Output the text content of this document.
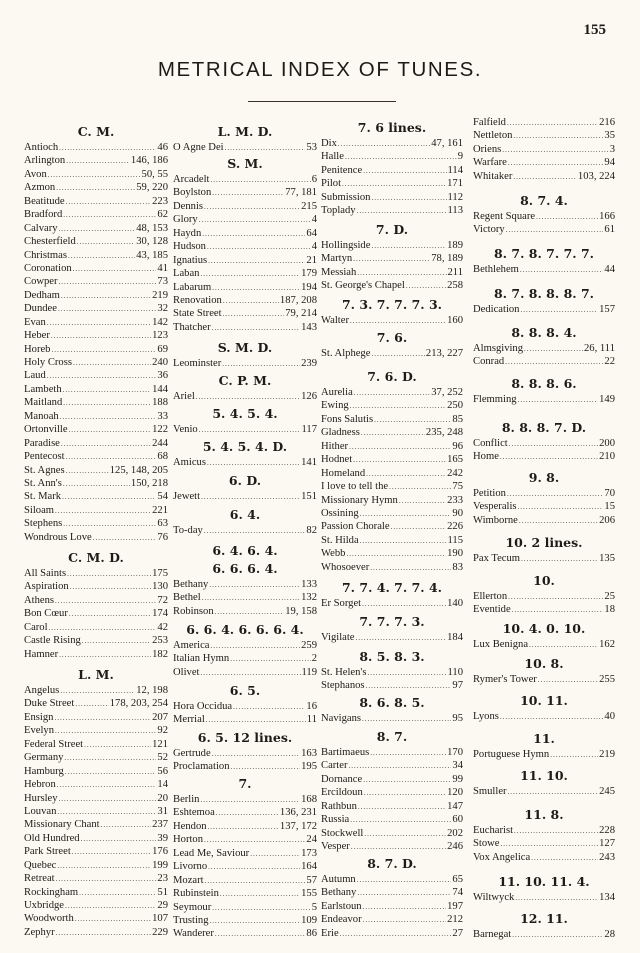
155
METRICAL INDEX OF TUNES.
C. M.
Antioch .....	46
Arlington .....	146, 186
Avon .....	50, 55
Azmon .....	59, 220
Beatitude .....	223
Bradford .....	62
Calvary .....	48, 153
Chesterfield .....	30, 128
Christmas .....	43, 185
Coronation .....	41
Cowper .....	73
Dedham .....	219
Dundee .....	32
Evan .....	142
Heber .....	123
Horeb .....	69
Holy Cross .....	240
Laud .....	36
Lambeth .....	144
Maitland .....	188
Manoah .....	33
Ortonville .....	122
Paradise .....	244
Pentecost .....	68
St. Agnes .....	125, 148, 205
St. Ann's .....	150, 218
St. Mark .....	54
Siloam .....	221
Stephens .....	63
Wondrous Love .....	76
C. M. D.
All Saints .....	175
Aspiration .....	130
Athens .....	72
Bon Cœur .....	174
Carol .....	42
Castle Rising .....	253
Hamner .....	182
L. M.
Angelus .....	12, 198
Duke Street .....	178, 203, 254
Ensign .....	207
Evelyn .....	92
Federal Street .....	121
Germany .....	52
Hamburg .....	56
Hebron .....	14
Hursley .....	20
Louvan .....	31
Missionary Chant .....	237
Old Hundred .....	39
Park Street .....	176
Quebec .....	199
Retreat .....	23
Rockingham .....	51
Uxbridge .....	29
Woodworth .....	107
Zephyr .....	229
L. M. D.
O Agne Dei .....	53
S. M.
Arcadelt .....	6
Boylston .....	77, 181
Dennis .....	215
Glory .....	4
Haydn .....	64
Hudson .....	4
Ignatius .....	21
Laban .....	179
Labarum .....	194
Renovation .....	187, 208
State Street .....	79, 214
Thatcher .....	143
S. M. D.
Leominster .....	239
C. P. M.
Ariel .....	126
5. 4. 5. 4.
Venio .....	117
5. 4. 5. 4. D.
Amicus .....	141
6. D.
Jewett .....	151
6. 4.
To-day .....	82
6. 4. 6. 4.
6. 6. 6. 4.
Bethany .....	133
Bethel .....	132
Robinson .....	19, 158
6. 6. 4. 6. 6. 6. 4.
America .....	259
Italian Hymn .....	2
Olivet .....	119
6. 5.
Hora Occidua .....	16
Merrial .....	11
6. 5. 12 lines.
Gertrude .....	163
Proclamation .....	195
7.
Berlin .....	168
Eshtemoa .....	136, 231
Hendon .....	137, 172
Horton .....	24
Lead Me, Saviour .....	173
Livorno .....	164
Mozart .....	57
Rubinstein .....	155
Seymour .....	5
Trusting .....	109
Wanderer .....	86
7. 6 lines.
Dix .....	47, 161
Halle .....	9
Penitence .....	114
Pilot .....	171
Submission .....	112
Toplady .....	113
7. D.
Hollingside .....	189
Martyn .....	78, 189
Messiah .....	211
St. George's Chapel .....	258
7. 3. 7. 7. 7. 3.
Walter .....	160
7. 6.
St. Alphege .....	213, 227
7. 6. D.
Aurelia .....	37, 252
Ewing .....	250
Fons Salutis .....	85
Gladness .....	235, 248
Hither .....	96
Hodnet .....	165
Homeland .....	242
I love to tell the .....	75
Missionary Hymn .....	233
Ossining .....	90
Passion Chorale .....	226
St. Hilda .....	115
Webb .....	190
Whosoever .....	83
7. 7. 4. 7. 7. 4.
Er Sorget .....	140
7. 7. 7. 3.
Vigilate .....	184
8. 5. 8. 3.
St. Helen's .....	110
Stephanos .....	97
8. 6. 8. 5.
Navigans .....	95
8. 7.
Bartimaeus .....	170
Carter .....	34
Dornance .....	99
Ercildoun .....	120
Rathbun .....	147
Russia .....	60
Stockwell .....	202
Vesper .....	246
8. 7. D.
Autumn .....	65
Bethany .....	74
Earlstoun .....	197
Endeavor .....	212
Erie .....	27
Falfield .....	216
Nettleton .....	35
Oriens .....	3
Warfare .....	94
Whitaker .....	103, 224
8. 7. 4.
Regent Square .....	166
Victory .....	61
8. 7. 8. 7. 7. 7.
Bethlehem .....	44
8. 7. 8. 8. 8. 7.
Dedication .....	157
8. 8. 8. 4.
Almsgiving .....	26, 111
Conrad .....	22
8. 8. 8. 6.
Flemming .....	149
8. 8. 8. 7. D.
Conflict .....	200
Home .....	210
9. 8.
Petition .....	70
Vesperalis .....	15
Wimborne .....	206
10. 2 lines.
Pax Tecum .....	135
10.
Ellerton .....	25
Eventide .....	18
10. 4. 0. 10.
Lux Benigna .....	162
10. 8.
Rymer's Tower .....	255
10. 11.
Lyons .....	40
11.
Portuguese Hymn .....	219
11. 10.
Smuller .....	245
11. 8.
Eucharist .....	228
Stowe .....	127
Vox Angelica .....	243
11. 10. 11. 4.
Wiltwyck .....	134
12. 11.
Barnegat .....	28
